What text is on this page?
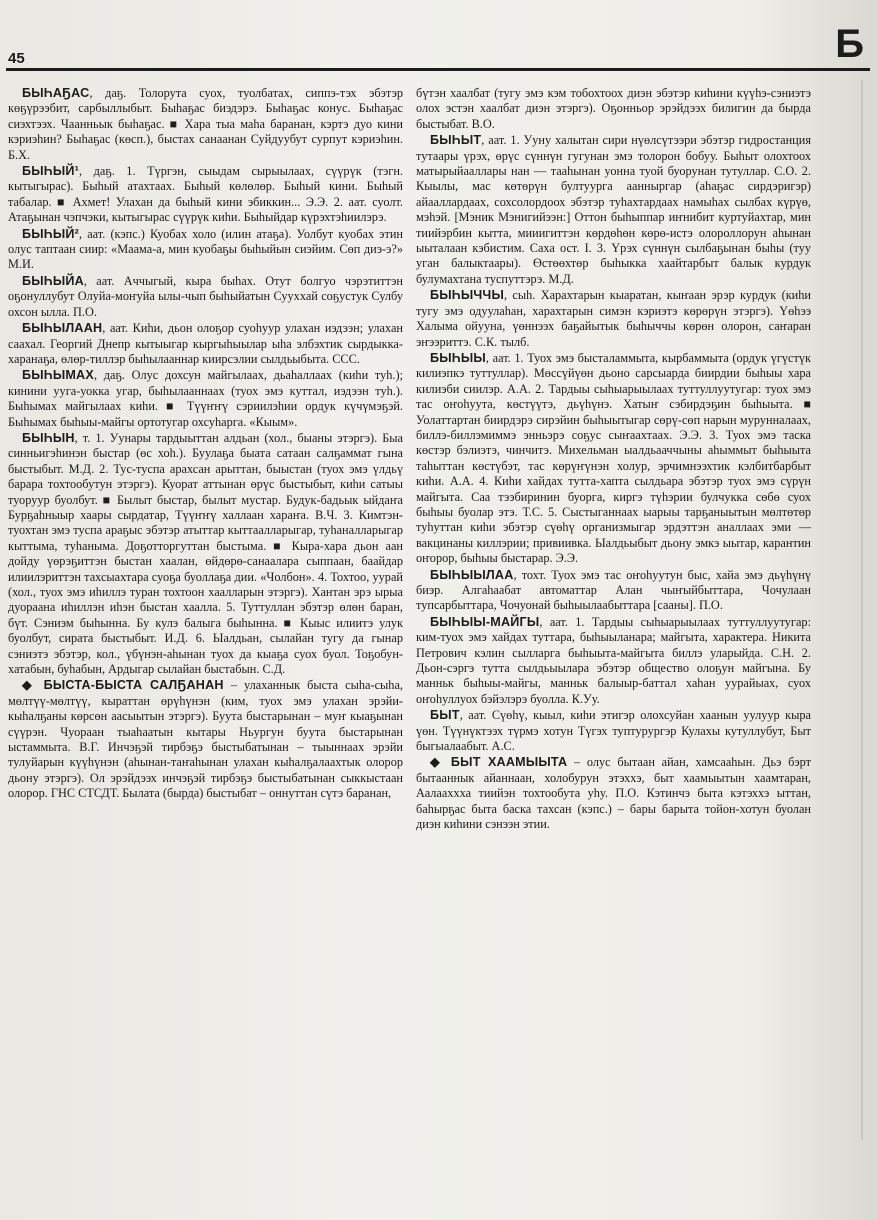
45	Б

БЫҺАҔАС, даҕ. Толорута суох, туолбатах, сиппэ-тэх эбэтэр көҕүрээбит, сарбыллыбыт. Быһаҕас биэдэрэ. Быһаҕас конус. Быһаҕас сиэхтээх. Чаанньык быһаҕас. ■ Хара тыа маһа баранан, кэртэ дуо кини кэриэһин? Быһаҕас (көсп.), быстах санаанан Суйдуубут сурпут кэриэһин. Б.Х.

БЫҺЫЙ¹, даҕ. 1. Түргэн, сыыдам сырыылаах, сүүрүк (тэгн. кытыгырас). Быһый атахтаах. Быһый көлөлөр. Быһый кини. Быһый табалар. ■ Ахмет! Улахан да быһый кини эбиккин... Э.Э. 2. аат. суолт. Атаҕынан чэпчэки, кытыгырас сүүрүк киһи. Быһыйдар күрэхтэһиилэрэ.

БЫҺЫЙ², аат. (кэпс.) Куобах холо (илин атаҕа). Уолбут куобах этин олус таптаан сиир: «Маама-а, мин куобаҕы быһыйын сиэйим. Сөп диэ-э?» М.И.

БЫҺЫЙА, аат. Аччыгый, кыра быһах. Отут болгуо чэрэтиттэн оҕонуллубут Олуйа-моҥуйа ылы-чып быһыйатын Сууххай соҕустук Сулбу охсон ылла. П.О.

БЫҺЫЛААН, аат. Киһи, дьон олоҕор суоһуур улахан иэдээн; улахан саахал. Георгий Днепр кытыыгар кыргыһыылар ыһа элбэхтик сырдыкка-харанаҕа, өлөр-тиллэр быһылааннар киирсэлии сылдьыбыта. ССС.

БЫҺЫМАХ, даҕ. Олус дохсун майгылаах, дьаһаллаах (киһи туһ.); кинини ууга-уокка угар, быһылааннаах (туох эмэ куттал, иэдээн туһ.). Быһымах майгылаах киһи. ■ Түүҥҥү сэриилэһии ордук күчүмэҕэй. Быһымах быһыы-майгы ортотугар охсуһарга. «Кыым».

БЫҺЫН, т. 1. Уунары тардыыттан алдьан (хол., быаны этэргэ). Быа синньигэһинэн быстар (өс хоһ.). Буулаҕа быата сатаан салҕаммат гына быстыбыт. М.Д. 2. Тус-туспа арахсан арыттан, быыстан (туох эмэ үлдьү барара тохтообутун этэргэ). Куорат аттынан өрүс быстыбыт, киһи сатыы туоруур буолбут. ■ Былыт быстар, былыт мустар. Будук-бадьык ыйдаҥа Бурҕаһныыр хаары сырдатар, Түүҥҥү халлаан хараҥа. В.Ч. 3. Кимтэн-туохтан эмэ туспа араҕыс эбэтэр атыттар кыттаалларыгар, туһаналларыгар кыттыма, туһаныма. Доҕотторгуттан быстыма. ■ Кыра-хара дьон аан дойду үөрэҕиттэн быстан хаалан, өйдөрө-санаалара сыппаан, баайдар илиилэриттэн тахсыахтара суоҕа буоллаҕа дии. «Чолбон». 4. Тохтоо, уурай (хол., туох эмэ иһиллэ туран тохтоон хаалларын этэргэ). Хантан эрэ ырыа дуораана иһиллэн иһэн быстан хаалла. 5. Туттуллан эбэтэр өлөн баран, бүт. Сэниэм быһынна. Бу кулэ балыга быһынна. ■ Кыыс илиитэ улук буолбут, сирата быстыбыт. И.Д. 6. Ыалдьан, сылайан тугу да гынар сэниэтэ эбэтэр, кол., үбүнэн-аһынан туох да кыаҕа суох буол. Тоҕобун-хатабын, буһабын, Ардыгар сылайан быстабын. С.Д.

◆ БЫСТА-БЫСТА САЛҔАНАН – улаханнык быста сыһа-сыһа, мөлтүү-мөлтүү, кыраттан өрүһүнэн (ким, туох эмэ улахан эрэйи-кыһалҕаны көрсөн аасыытын этэргэ). Буута быстарынан – муҥ кыаҕынан сүүрэн. Чуораан тыаһаатын кытары Ньургун буута быстарынан ыстаммыта. В.Г. Инчэҕэй тирбэҕэ быстыбатынан – тыыннаах эрэйи тулуйарын күүһүнэн (аһынан-таҥаһынан улахан кыһалҕалаахтык олорор дьону этэргэ). Ол эрэйдээх инчэҕэй тирбэҕэ быстыбатынан сыккыстаан олорор. ГНС СТСДТ. Былата (бырда) быстыбат – оннуттан сүтэ баранан,

бүтэн хаалбат (тугу эмэ кэм тобохтоох диэн эбэтэр киһини күүһэ-сэниэтэ олох эстэн хаалбат диэн этэргэ). Оҕонньор эрэйдээх билигин да бырда быстыбат. В.О.

БЫҺЫТ, аат. 1. Ууну халытан сири нүөлсүтээри эбэтэр гидростанция тутаары үрэх, өрүс сүннүн гугунан эмэ толорон бобуу. Быһыт олохтоох матырыйааллары нан — тааһынан уонна туой буорунан тутуллар. С.О. 2. Кыылы, мас көтөрүн бултуурга аанныргар (аһаҕас сирдэригэр) айааллардаах, сохсолордоох эбэтэр туһахтардаах намыһах сылбах күрүө, мэһэй. [Мэник Мэнигийээн:] Оттон быһыппар иҥнибит куртуйахтар, мин тиийэрбин кытта, мииигиттэн көрдөһөн көрө-истэ олороллорун аһынан ыыталаан кэбистим. Саха ост. I. 3. Үрэх сүннүн сылбаҕынан быһы (туу уган балыктаары). Өстөөхтөр быһыкка хаайтарбыт балык курдук булумахтана туспуттэрэ. М.Д.

БЫҺЫЧЧЫ, сыһ. Харахтарын кыаратан, кыҥаан эрэр курдук (киһи тугу эмэ одуулаһан, харахтарын симэн кэриэтэ көрөрүн этэргэ). Үөһээ Халыма ойууна, үөннээх баҕайытык быһыччы көрөн олорон, саҥаран эҥээриттэ. С.К. тылб.

БЫҺЫЫ, аат. 1. Туох эмэ бысталаммыта, кырбаммыта (ордук үгүстүк килиэпкэ туттуллар). Мөссүйүөн дьоно сарсыарда биирдии быһыы хара килиэби сиилэр. А.А. 2. Тардыы сыһыарыылаах туттуллуутугар: туох эмэ тас оҥоһуута, көстүүтэ, дьүһүнэ. Хатыҥ сэбирдэҕин быһыыта. ■ Уолаттартан биирдэрэ сирэйин быһыытыгар сөрү-сөп нарын мурунналаах, биллэ-биллэмиммэ энньэрэ соҕус сыҥаахтаах. Э.Э. 3. Туох эмэ таска көстэр бэлиэтэ, чинчитэ. Михельман ыалдьааччыны аһыммыт быһыыта таһыттан көстүбэт, тас көрүҥүнэн холур, эрчимнээхтик кэлбитбарбыт киһи. А.А. 4. Киһи хайдах тутта-хапта сылдьара эбэтэр туох эмэ сүрүн майгыта. Саа тээбиринин буорга, киргэ түһэрии булчукка сөбө суох быһыы буолар этэ. Т.С. 5. Сыстыганнаах ыарыы тарҕаныытын мөлтөтөр туһуттан киһи эбэтэр сүөһү организмыгар эрдэттэн аналлаах эми — вакцинаны киллэрии; привиивка. Ыалдьыбыт дьону эмкэ ыытар, карантин оҥорор, быһыы быстарар. Э.Э.

БЫҺЫЫЛАА, тохт. Туох эмэ тас оҥоһуутун быс, хайа эмэ дьүһүнү биэр. Алгаһаабат автоматтар Алан чыҥыйбыттара, Чочулаан тупсарбыттара, Чочуонай быһыылаабыттара [сааны]. П.О.

БЫҺЫЫ-МАЙГЫ, аат. 1. Тардыы сыһыарыылаах туттуллуутугар: ким-туох эмэ хайдах туттара, быһыыланара; майгыта, характера. Никита Петрович кэлин сылларга быһыыта-майгыта биллэ уларыйда. С.Н. 2. Дьон-сэргэ тутта сылдьыылара эбэтэр общество олоҕун майгына. Бу манньк быһыы-майгы, манньк балыыр-баттал хаһан уурайыах, суох оҥоһуллуох бэйэлэрэ буолла. К.Уу.

БЫТ, аат. Сүөһү, кыыл, киһи этигэр олохсуйан хаанын уулуур кыра үөн. Түүнүктээх түрмэ хотун Түгэх туптурургэр Кулахы кутуллубут, Быт быгыалаабыт. А.С.

◆ БЫТ ХААМЫЫТА – олус бытаан айан, хамсааһын. Дьэ бэрт бытааннык айаннаан, холобурун этэххэ, быт хаамыытын хаамтаран, Аалааххха тиийэн тохтообута уһу. П.О. Кэтинчэ быта кэтэххэ ыттан, баһырҕас быта баска тахсан (кэпс.) – бары барыта тойон-хотун буолан диэн киһини сэнээн этии.
